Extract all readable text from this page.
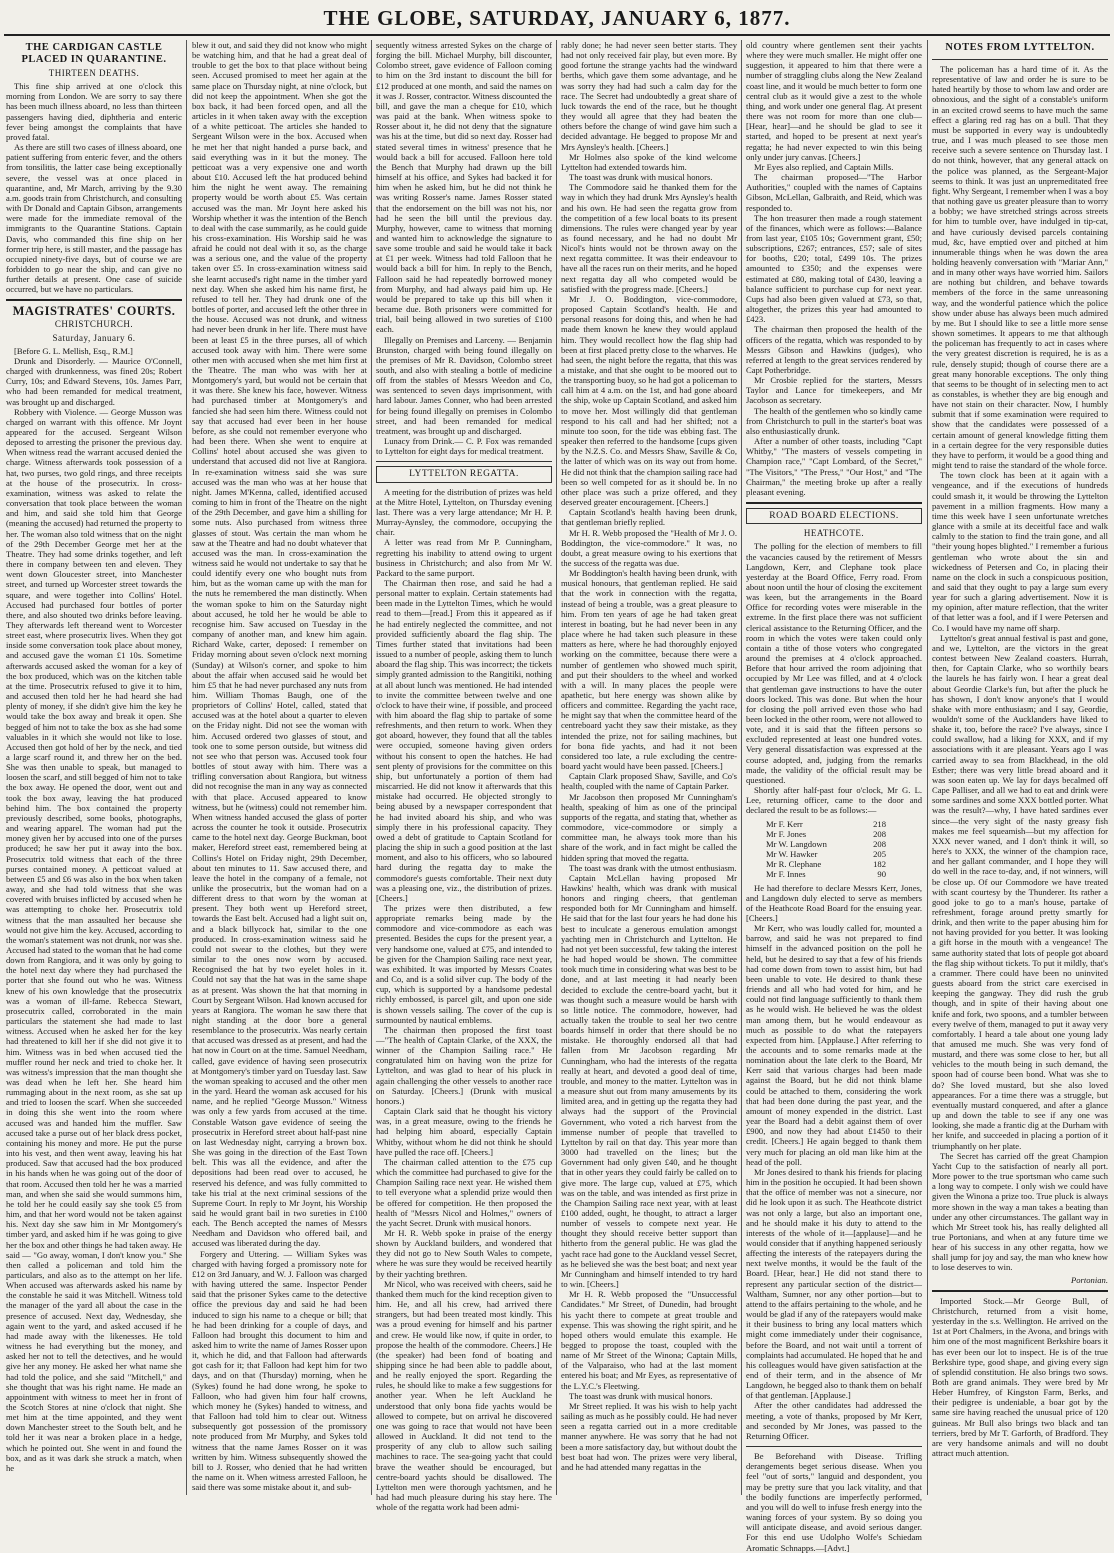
THE GLOBE, SATURDAY, JANUARY 6, 1877.
THE CARDIGAN CASTLE PLACED IN QUARANTINE.
THIRTEEN DEATHS.

This fine ship arrived at one o'clock this morning from London. We are sorry to say there has been much illness aboard, no less than thirteen passengers having died, diphtheria and enteric fever being amongst the complaints that have proved fatal.

As there are still two cases of illness aboard, one patient suffering from enteric fever, and the others from tonsilitis, the latter case being exceptionally severe, the vessel was at once placed in quarantine, and, Mr March, arriving by the 9.30 a.m. goods train from Christchurch, and consulting with Dr Donald and Captain Gibson, arrangements were made for the immediate removal of the immigrants to the Quarantine Stations. Captain Davis, who commanded this fine ship on her former trip here, is still master, and the passage has occupied ninety-five days, but of course we are forbidden to go near the ship, and can give no further details at present. One case of suicide occurred, but we have no particulars.

MAGISTRATES' COURTS.
CHRISTCHURCH.
Saturday, January 6.

[Before G. L. Mellish, Esq., R.M.]

Drunk and Disorderly. — Maurice O'Connell, charged with drunkenness, was fined 20s; Robert Curry, 10s; and Edward Stevens, 10s. James Parr, who had been remanded for medical treatment, was brought up and discharged.

Robbery with Violence. — George Musson was charged on warrant with this offence. Mr Joynt appeared for the accused. Sergeant Wilson deposed to arresting the prisoner the previous day. When witness read the warrant accused denied the charge. Witness afterwards took possession of a hat, two purses, two gold rings, and three receipts at the house of the prosecutrix. In cross-examination, witness was asked to relate the conversation that took place between the woman and him, and said she told him that George (meaning the accused) had returned the property to her. The woman also told witness that on the night of the 29th December George met her at the Theatre. They had some drinks together, and left there in company between ten and eleven. They went down Gloucester street, into Manchester street, and turned up Worcester street towards the square, and were together into Collins' Hotel. Accused had purchased four bottles of porter there, and also shouted two drinks before leaving. They afterwards left thereand went to Worcester street east, where prosecutrix lives. When they got inside some conversation took place about money, and accused gave the woman £1 10s. Sometime afterwards accused asked the woman for a key of the box produced, which was on the kitchen table at the time. Prosecutrix refused to give it to him, and accused then told her he had heard she had plenty of money, if she didn't give him the key he would take the box away and break it open. She begged of him not to take the box as she had some valuables in it which she would not like to lose. Accused then got hold of her by the neck, and tied a large scarf round it, and threw her on the bed. She was then unable to speak, but managed to loosen the scarf, and still begged of him not to take the box away. He opened the door, went out and took the box away, leaving the hat produced behind him. The box contained the property previously described, some books, photographs, and wearing apparel. The woman had put the money given her by accused into one of the purses produced; he saw her put it away into the box. Prosecutrix told witness that each of the three purses contained money. A petticoat valued at between £5 and £6 was also in the box when taken away, and she had told witness that she was covered with bruises inflicted by accused when he was attempting to choke her. Prosecutrix told witness that the man assaulted her because she would not give him the key. Accused, according to the woman's statement was not drunk, nor was she. Accused had stated to the woman that he had come down from Rangiora, and it was only by going to the hotel next day where they had purchased the porter that she found out who he was. Witness knew of his own knowledge that the prosecutrix was a woman of ill-fame. Rebecca Stewart, prosecutrix called, corroborated in the main particulars the statement she had made to last witness. Accused when he asked her for the key had threatened to kill her if she did not give it to him. Witness was in bed when accused tied the muffler round her neck and tried to choke her. It was witness's impression that the man thought she was dead when he left her. She heard him rummaging about in the next room, as she sat up and tried to loosen the scarf. When she succeeded in doing this she went into the room where accused was and handed him the muffler. Saw accused take a purse out of her black dress pocket, containing his money and more. He put the purse into his vest, and then went away, leaving his hat produced. Saw that accused had the box produced in his hands when he was going out of the door of that room. Accused then told her he was a married man, and when she said she would summons him, he told her he could easily say she took £5 from him, and that her word would not be taken against his. Next day she saw him in Mr Montgomery's timber yard, and asked him if he was going to give her the box and other things he had taken away. He said — "Go away, woman, I don't know you." She then called a policeman and told him the particulars, and also as to the attempt on her life. When accused was afterwards asked his name by the constable he said it was Mitchell. Witness told the manager of the yard all about the case in the presence of accused. Next day, Wednesday, she again went to the yard, and asked accused if he had made away with the likenesses. He told witness he had everything but the money, and asked her not to tell the detectives, and he would give her any money. He asked her what name she had told the police, and she said "Mitchell," and she thought that was his right name. He made an appointment with witness to meet her in front of the Scotch Stores at nine o'clock that night. She met him at the time appointed, and they went down Manchester street to the South belt, and he told her it was near a broken place in a hedge, which he pointed out. She went in and found the box, and as it was dark she struck a match, when he

blew it out, and said they did not know who might be watching him, and that he had a great deal of trouble to get the box to that place without being seen. Accused promised to meet her again at the same place on Thursday night, at nine o'clock, but did not keep the appointment. When she got the box back, it had been forced open, and all the articles in it when taken away with the exception of a white petticoat. The articles she handed to Sergeant Wilson were in the box. Accused when he met her that night handed a purse back, and said everything was in it but the money. The petticoat was a very expensive one and worth about £10. Accused left the hat produced behind him the night he went away. The remaining property would be worth about £5. Was certain accused was the man. Mr Joynt here asked his Worship whether it was the intention of the Bench to deal with the case summarily, as he could guide his cross-examination. His Worship said he was afraid he could not deal with it so, as the charge was a serious one, and the value of the property taken over £5. In cross-examination witness said she learnt accused's right name in the timber yard next day. When she asked him his name first, he refused to tell her. They had drunk one of the bottles of porter, and accused left the other three in the house. Accused was not drunk, and witness had never been drunk in her life. There must have been at least £5 in the three purses, all of which accused took away with him. There were some other men with accused when she met him first at the Theatre. The man who was with her at Montgomery's yard, but would not be certain that it was there. She knew his face, however. Witness had purchased timber at Montgomery's and fancied she had seen him there. Witness could not say that accused had ever been in her house before, as she could not remember everyone who had been there. When she went to enquire at Collins' hotel about accused she was given to understand that accused did not live at Rangiora. In re-examination witness said she was sure accused was the man who was at her house that night. James M'Kenna, called, identified accused coming to him in front of the Theatre on the night of the 29th December, and gave him a shilling for some nuts. Also purchased from witness three glasses of stout. Was certain the man whom he saw at the Theatre and had no doubt whatever that accused was the man. In cross-examination the witness said he would not undertake to say that he could identify every one who bought nuts from him, but as the woman came up with the man for the nuts he remembered the man distinctly. When the woman spoke to him on the Saturday night about accused, he told her he would be able to recognise him. Saw accused on Tuesday in the company of another man, and knew him again. Richard Wake, carter, deposed: I remember on Friday morning about seven o'clock next morning (Sunday) at Wilson's corner, and spoke to him about the affair when accused said he would bet him £5 that he had never purchased any nuts from him. William Thomas Baugh, one of the proprietors of Collins' Hotel, called, stated that accused was at the hotel about a quarter to eleven on the Friday night. Did not see the woman with him. Accused ordered two glasses of stout, and took one to some person outside, but witness did not see who that person was. Accused took four bottles of stout away with him. There was a trifling conversation about Rangiora, but witness did not recognise the man in any way as connected with that place. Accused appeared to know witness, but he (witness) could not remember him. When witness handed accused the glass of porter across the counter he took it outside. Prosecutrix came to the hotel next day. George Buckman, boot maker, Hereford street east, remembered being at Collins's Hotel on Friday night, 29th December, about ten minutes to 11. Saw accused there, and leave the hotel in the company of a female, not unlike the prosecutrix, but the woman had on a different dress to that worn by the woman at present. They both went up Hereford street, towards the East belt. Accused had a light suit on, and a black billycock hat, similar to the one produced. In cross-examination witness said he could not swear to the clothes, but they were similar to the ones now worn by accused. Recognised the hat by two eyelet holes in it. Could not say that the hat was in the same shape as at present. Was shown the hat that morning in Court by Sergeant Wilson. Had known accused for years at Rangiora. The woman he saw there that night standing at the door bore a general resemblance to the prosecutrix. Was nearly certain that accused was dressed as at present, and had the hat now in Court on at the time. Samuel Needham, called, gave evidence of having seen prosecutrix at Montgomery's timber yard on Tuesday last. Saw the woman speaking to accused and the other men in the yard. Heard the woman ask accused for his name, and he replied "George Musson." Witness was only a few yards from accused at the time. Constable Watson gave evidence of seeing the prosecutrix in Hereford street about half-past nine on last Wednesday night, carrying a brown box. She was going in the direction of the East Town belt. This was all the evidence, and after the depositions had been read over to accused, he reserved his defence, and was fully committed to take his trial at the next criminal sessions of the Supreme Court. In reply to Mr Joynt, his Worship said he would grant bail in two sureties in £100 each. The Bench accepted the names of Messrs Needham and Davidson who offered bail, and accused was liberated during the day.

Forgery and Uttering. — William Sykes was charged with having forged a promissory note for £12 on 3rd January, and W. J. Falloon was charged with having uttered the same. Inspector Pender said that the prisoner Sykes came to the detective office the previous day and said he had been induced to sign his name to a cheque or bill; that he had been drinking for a couple of days, and Falloon had brought this document to him and asked him to write the name of James Rosser upon it, which he did, and that Falloon had afterwards got cash for it; that Falloon had kept him for two days, and on that (Thursday) morning, when he (Sykes) found he had done wrong, he spoke to Falloon, who had given him four half crowns, which money he (Sykes) handed to witness, and that Falloon had told him to clear out. Witness subsequently got possession of the promissory note produced from Mr Murphy, and Sykes told witness that the name James Rosser on it was written by him. Witness subsequently showed the bill to J. Rosser, who denied that he had written the name on it. When witness arrested Falloon, he said there was some mistake about it, and sub-

sequently witness arrested Sykes on the charge of forging the bill. Michael Murphy, bill discounter, Colombo street, gave evidence of Falloon coming to him on the 3rd instant to discount the bill for £12 produced at one month, and said the names on it was J. Rosser, contractor. Witness discounted the bill, and gave the man a cheque for £10, which was paid at the bank. When witness spoke to Rosser about it, he did not deny that the signature was his at the time, but did so next day. Rosser had stated several times in witness' presence that he would back a bill for accused. Falloon here told the Bench that Murphy had drawn up the bill himself at his office, and Sykes had backed it for him when he asked him, but he did not think he was writing Rosser's name. James Rosser stated that the endorsement on the bill was not his, nor had he seen the bill until the previous day. Murphy, however, came to witness that morning and wanted him to acknowledge the signature to save some trouble and said he would take it back at £1 per week. Witness had told Falloon that he would back a bill for him. In reply to the Bench, Falloon said he had repeatedly borrowed money from Murphy, and had always paid him up. He would be prepared to take up this bill when it became due. Both prisoners were committed for trial, bail being allowed in two sureties of £100 each.

Illegally on Premises and Larceny. — Benjamin Brunston, charged with being found illegally on the premises of Mr R. Davidson, Colombo street south, and also with stealing a bottle of medicine off from the stables of Messrs Weedon and Co, was sentenced to seven days imprisonment, with hard labour. James Conner, who had been arrested for being found illegally on premises in Colombo street, and had been remanded for medical treatment, was brought up and discharged.

Lunacy from Drink.— C. P. Fox was remanded to Lyttelton for eight days for medical treatment.

LYTTELTON REGATTA.

A meeting for the distribution of prizes was held at the Mitre Hotel, Lyttelton, on Thursday evening last. There was a very large attendance; Mr H. P. Murray-Aynsley, the commodore, occupying the chair.

A letter was read from Mr P. Cunningham, regretting his inability to attend owing to urgent business in Christchurch; and also from Mr W. Packard to the same purport.

The Chairman then rose, and said he had a personal matter to explain. Certain statements had been made in the Lyttelton Times, which he would read to them—[read.] From this it appeared as if he had entirely neglected the committee, and not provided sufficiently aboard the flag ship. The Times further stated that invitations had been issued to a number of people, asking them to lunch aboard the flag ship. This was incorrect; the tickets simply granted admission to the Rangitiki, nothing at all about lunch was mentioned. He had intended to invite the committee between twelve and one o'clock to have their wine, if possible, and proceed with him aboard the flag ship to partake of some refreshments, and then return to work. When they got aboard, however, they found that all the tables were occupied, someone having given orders without his consent to open the hatches. He had sent plenty of provisions for the committee on this ship, but unfortunately a portion of them had miscarried. He did not know it afterwards that this mistake had occurred. He objected strongly to being abused by a newspaper correspondent that he had invited aboard his ship, and who was simply there in his professional capacity. They owed a debt of gratitude to Captain Scotland for placing the ship in such a good position at the last moment, and also to his officers, who so laboured hard during the regatta day to make the commodore's guests comfortable. Their next duty was a pleasing one, viz., the distribution of prizes. [Cheers.]

The prizes were then distributed, a few appropriate remarks being made by the commodore and vice-commodore as each was presented. Besides the cups for the present year, a very handsome one, valued at £75, and intended to be given for the Champion Sailing race next year, was exhibited. It was imported by Messrs Coates and Co, and is a solid silver cup. The body of the cup, which is supported by a handsome pedestal richly embossed, is parcel gilt, and upon one side is shown vessels sailing. The cover of the cup is surmounted by nautical emblems.

The chairman then proposed the first toast—"The health of Captain Clarke, of the XXX, the winner of the Champion Sailing race." He congratulated him on having won the prize for Lyttelton, and was glad to hear of his pluck in again challenging the other vessels to another race on Saturday. [Cheers.] (Drunk with musical honors.)

Captain Clark said that he thought his victory was, in a great measure, owing to the friends he had helping him aboard, especially Captain Whitby, without whom he did not think he should have pulled the race off. [Cheers.]

The chairman called attention to the £75 cup which the committee had purchased to give for the Champion Sailing race next year. He wished them to tell everyone what a splendid prize would then be offered for competition. He then proposed the health of "Messrs Nicol and Holmes," owners of the yacht Secret. Drunk with musical honors.

Mr H. R. Webb spoke in praise of the energy shown by Auckland builders, and wondered that they did not go to New South Wales to compete, where he was sure they would be received heartily by their yachting brethren.

Mr Nicol, who was received with cheers, said he thanked them much for the kind reception given to him. He, and all his crew, had arrived there strangers, but had been treated most kindly. This was a proud evening for himself and his partner and crew. He would like now, if quite in order, to propose the health of the commodore. Cheers.] He (the speaker) had been fond of boating and shipping since he had been able to paddle about, and he really enjoyed the sport. Regarding the rules, he should like to make a few suggestions for another year. When he left Auckland he understood that only bona fide yachts would be allowed to compete, but on arrival he discovered one was going to race that would not have been allowed in Auckland. It did not tend to the prosperity of any club to allow such sailing machines to race. The sea-going yacht that could brave the weather should be encouraged, but centre-board yachts should be disallowed. The Lyttelton men were thorough yachtsmen, and he had had much pleasure during his stay here. The whole of the regatta work had been admi-

rably done; he had never seen better starts. They had not only received fair play, but even more. By good fortune the strange yachts had the windward berths, which gave them some advantage, and he was sorry they had had such a calm day for the race. The Secret had undoubtedly a great share of luck towards the end of the race, but he thought they would all agree that they had beaten the others before the change of wind gave him such a decided advantage. He begged to propose Mr and Mrs Aynsley's health. [Cheers.]

Mr Holmes also spoke of the kind welcome Lyttelton had extended towards him.

The toast was drunk with musical honors.

The Commodore said he thanked them for the way in which they had drunk Mrs Aynsley's health and his own. He had seen the regatta grow from the competition of a few local boats to its present dimensions. The rules were changed year by year as found necessary, and he had no doubt Mr Nicol's hints would not be thrown away on the next regatta committee. It was their endeavour to have all the races run on their merits, and he hoped next regatta day all who competed would be satisfied with the progress made. [Cheers.]

Mr J. O. Boddington, vice-commodore, proposed Captain Scotland's health. He and personal reasons for doing this, and when he had made them known he knew they would applaud him. They would recollect how the flag ship had been at first placed pretty close to the wharves. He had seen, the night before the regatta, that this was a mistake, and that she ought to be moored out to the transporting buoy, so he had got a policeman to call him at 4 a.m. on the 1st, and had gone aboard the ship, woke up Captain Scotland, and asked him to move her. Most willingly did that gentleman respond to his call and had her shifted; not a minute too soon, for the tide was ebbing fast. The speaker then referred to the handsome [cups given by the N.Z.S. Co. and Messrs Shaw, Saville & Co, the latter of which was on its way out from home. He did not think that the champion sailing race had been so well competed for as it should be. In no other place was such a prize offered, and they deserved greater encouragement. [Cheers.]

Captain Scotland's health having been drunk, that gentleman briefly replied.

Mr H. R. Webb proposed the "Health of Mr J. O. Boddington, the vice-commodore." It was, no doubt, a great measure owing to his exertions that the success of the regatta was due.

Mr Boddington's health having been drunk, with musical honours, that gentleman replied. He said that the work in connection with the regatta, instead of being a trouble, was a great pleasure to him. From ten years of age he had taken great interest in boating, but he had never been in any place where he had taken such pleasure in these matters as here, where he had thoroughly enjoyed working on the committee, because there were a number of gentlemen who showed much spirit, and put their shoulders to the wheel and worked with a will. In many places the people were apathetic, but here energy was shown alike by officers and committee. Regarding the yacht race, he might say that when the committee heard of the centreboard yacht they saw their mistake, as they intended the prize, not for sailing machines, but for bona fide yachts, and had it not been considered too late, a rule excluding the centre-board yacht would have been passed. [Cheers.]

Captain Clark proposed Shaw, Saville, and Co's health, coupled with the name of Captain Parker.

Mr Jacobson then proposed Mr Cunningham's health, speaking of him as one of the principal supports of the regatta, and stating that, whether as commodore, vice-commodore or simply a committee man, he always took more than his share of the work, and in fact might be called the hidden spring that moved the regatta.

The toast was drank with the utmost enthusiasm.

Captain McLellan having proposed Mr Hawkins' health, which was drank with musical honors and ringing cheers, that gentleman responded both for Mr Cunningham and himself. He said that for the last four years he had done his best to inculcate a generous emulation amongst yachting men in Christchurch and Lyttelton. He had not yet been successful, few taking the interest he had hoped would be shown. The committee took much time in considering what was best to be done, and at last meeting it had nearly been decided to exclude the centre-board yacht, but it was thought such a measure would be harsh with so little notice. The commodore, however, had actually taken the trouble to seal her two centre boards himself in order that there should be no mistake. He thoroughly endorsed all that had fallen from Mr Jacobson regarding Mr Cunningham, who had the interests of the regatta really at heart, and devoted a good deal of time, trouble, and money to the matter. Lyttelton was in a measure shut out from many amusements by its limited area, and in getting up the regatta they had always had the support of the Provincial Government, who voted a rich harvest from the immense number of people that travelled to Lyttelton by rail on that day. This year more than 3000 had travelled on the lines; but the Government had only given £40, and he thought that in other years they could fairly be called on to give more. The large cup, valued at £75, which was on the table, and was intended as first prize in the Champion Sailing race next year, with at least £100 added, ought, he thought, to attract a larger number of vessels to compete next year. He thought they should receive better support than hitherto from the general public. He was glad the yacht race had gone to the Auckland vessel Secret, as he believed she was the best boat; and next year Mr Cunningham and himself intended to try hard to win. [Cheers.]

Mr H. R. Webb proposed the "Unsuccessful Candidates." Mr Street, of Dunedin, had brought his yacht there to compete at great trouble and expense. This was showing the right spirit, and he hoped others would emulate this example. He begged to propose the toast, coupled with the name of Mr Street of the Winona; Captain Mills, of the Valparaiso, who had at the last moment entered his boat; and Mr Eyes, as representative of the L.Y.C.'s Fleetwing.

The toast was drunk with musical honors.

Mr Street replied. It was his wish to help yacht sailing as much as he possibly could. He had never seen a regatta carried out in a more creditable manner anywhere. He was sorry that he had not been a more satisfactory day, but without doubt the best boat had won. The prizes were very liberal, and he had attended many regattas in the

old country where gentlemen sent their yachts where they were much smaller. He might offer one suggestion, it appeared to him that there were a number of straggling clubs along the New Zealand coast line, and it would be much better to form one central club as it would give a zest to the whole thing, and work under one general flag. At present there was not room for more than one club—[Hear, hear]—and he should be glad to see it started, and hoped to be present at next year's regatta; he had never expected to win this being only under jury canvas. [Cheers.]

Mr Eyes also replied, and Captain Mills.

The chairman proposed—"The Harbor Authorities," coupled with the names of Captains Gibson, McLellan, Galbraith, and Reid, which was responded to.

The hon treasurer then made a rough statement of the finances, which were as follows:—Balance from last year, £105 10s; Government grant, £50; subscriptions, £267; entrances, £57; sale of sites for booths, £20; total, £499 10s. The prizes amounted to £350; and the expenses were estimated at £80, making total of £430, leaving a balance sufficient to purchase cup for next year. Cups had also been given valued at £73, so that, altogether, the prizes this year had amounted to £423.

The chairman then proposed the health of the officers of the regatta, which was responded to by Messrs Gibson and Hawkins (judges), who referred at length to the great services rendered by Capt Potherbridge.

Mr Crosbie replied for the starters, Messrs Taylor and Lance for timekeepers, and Mr Jacobson as secretary.

The health of the gentlemen who so kindly came from Christchurch to pull in the starter's boat was also enthusiastically drunk.

After a number of other toasts, including "Capt Whitby," "The masters of vessels competing in Champion race," "Capt Lombard, of the Secret," "The Visitors," "The Press," "Our Host," and "The Chairman," the meeting broke up after a really pleasant evening.

ROAD BOARD ELECTIONS.
HEATHCOTE.

The polling for the election of members to fill the vacancies caused by the retirement of Messrs Langdown, Kerr, and Clephane took place yesterday at the Board Office, Ferry road. From about noon until the hour of closing the excitement was keen, but the arrangements in the Board Office for recording votes were miserable in the extreme. In the first place there was not sufficient clerical assistance to the Returning Officer, and the room in which the votes were taken could only contain a tithe of those voters who congregated around the premises at 4 o'clock approached. Before that hour arrived the room adjoining that occupied by Mr Lee was filled, and at 4 o'clock that gentleman gave instructions to have the outer doors locked. This was done. But when the hour for closing the poll arrived even those who had been locked in the other room, were not allowed to vote, and it is said that the fifteen persons so excluded represented at least one hundred votes. Very general dissatisfaction was expressed at the course adopted, and, judging from the remarks made, the validity of the official result may be questioned.

Shortly after half-past four o'clock, Mr G. L. Lee, returning officer, came to the door and declared the result to be as follows:—

Mr F. Kerr	218
Mr F. Jones	208
Mr W. Langdown	208
Mr W. Hawker	205
Mr R. Clephane	182
Mr F. Innes	90

He had therefore to declare Messrs Kerr, Jones, and Langdown duly elected to serve as members of the Heathcote Road Board for the ensuing year. [Cheers.]

Mr Kerr, who was loudly called for, mounted a barrow, and said he was not prepared to find himself in the advanced position on the poll he held, but he desired to say that a few of his friends had come down from town to assist him, but had been unable to vote. He desired to thank these friends and all who had voted for him, and he could not find language sufficiently to thank them as he would wish. He believed he was the oldest man among them, but he would endeavour as much as possible to do what the ratepayers expected from him. [Applause.] After referring to the accounts and to some remarks made at the nomination about the late clerk to the Board, Mr Kerr said that various charges had been made against the Board, but he did not think blame could be attached to them, considering the work that had been done during the past year, and the amount of money expended in the district. Last year the Board had a debit against them of over £900, and now they had about £1450 to their credit. [Cheers.] He again begged to thank them very much for placing an old man like him at the head of the poll.

Mr Jones desired to thank his friends for placing him in the position he occupied. It had been shown that the office of member was not a sinecure, nor did he look upon it as such. The Heathcote district was not only a large, but also an important one, and he should make it his duty to attend to the interests of the whole of it—[applause]—and he would consider that if anything happened seriously affecting the interests of the ratepayers during the next twelve months, it would be the fault of the Board. [Hear, hear.] He did not stand there to represent any particular section of the district—Waltham, Sumner, nor any other portion—but to attend to the affairs pertaining to the whole, and he would be glad if any of the ratepayers would make it their business to bring any local matters which might come immediately under their cognisance, before the Board, and not wait until a torrent of complaints had accumulated. He hoped that he and his colleagues would have given satisfaction at the end of their term, and in the absence of Mr Langdown, he begged also to thank them on behalf of that gentleman. [Applause.]

After the other candidates had addressed the meeting, a vote of thanks, proposed by Mr Kerr, and seconded by Mr Jones, was passed to the Returning Officer.

Be Beforehand with Disease. Trifling derangements beget serious disease. When you feel "out of sorts," languid and despondent, you may be pretty sure that you lack vitality, and that the bodily functions are imperfectly performed, and you will do well to infuse fresh energy into the waning forces of your system. By so doing you will anticipate disease, and avoid serious danger. For this end use Udolpho Wolfe's Schiedam Aromatic Schnapps.—[Advt.]

NOTES FROM LYTTELTON.

The policeman has a hard time of it. As the representative of law and order he is sure to be hated heartily by those to whom law and order are obnoxious, and the sight of a constable's uniform in an excited crowd seems to have much the same effect a glaring red rag has on a bull. That they must be supported in every way is undoubtedly true, and I was much pleased to see those men receive such a severe sentence on Thursday last. I do not think, however, that any general attack on the police was planned, as the Sergeant-Major seems to think. It was just an unpremeditated free fight. Why Sergeant, I remember when I was a boy that nothing gave us greater pleasure than to worry a bobby; we have stretched strings across streets for him to tumble over, have indulged in tip-cat, and have curiously devised parcels containing mud, &c, have emptied over and pitched at him innumerable things when he was down the area holding heavenly conversation with "Mariar Ann," and in many other ways have worried him. Sailors are nothing but children, and behave towards members of the force in the same unreasoning way, and the wonderful patience which the police show under abuse has always been much admired by me. But I should like to see a little more sense shown sometimes. It appears to me that although the policeman has frequently to act in cases where the very greatest discretion is required, he is as a rule, densely stupid; though of course there are a great many honorable exceptions. The only thing that seems to be thought of in selecting men to act as constables, is whether they are big enough and have not stain on their character. Now, I humbly submit that if some examination were required to show that the candidates were possessed of a certain amount of general knowledge fitting them in a certain degree for the very responsible duties they have to perform, it would be a good thing and might tend to raise the standard of the whole force.

The town clock has been at it again with a vengeance, and if the executions of hundreds could smash it, it would be throwing the Lyttelton pavement in a million fragments. How many a time this week have I seen unfortunate wretches glance with a smile at its deceitful face and walk calmly to the station to find the train gone, and all "their young hopes blighted." I remember a furious gentleman who wrote about the sin and wickedness of Petersen and Co, in placing their name on the clock in such a conspicuous position, and said that they ought to pay a large sum every year for such a glaring advertisement. Now it is my opinion, after mature reflection, that the writer of that letter was a fool, and if I were Petersen and Co. I would have my name off sharp.

Lyttelton's great annual festival is past and gone, and we, Lyttelton, are the victors in the great contest between New Zealand coasters. Hurrah, then, for Captain Clarke, who so worthily bears the laurels he has fairly won. I hear a great deal about Geordie Clarke's fun, but after the pluck he has shown, I don't know anyone's that I would shake with more enthusiasm; and I say, Geordie, wouldn't some of the Aucklanders have liked to shake it, too, before the race? I've always, since I could swallow, had a liking for XXX, and if my associations with it are pleasant. Years ago I was carried away to sea from Blackhead, in the old Esther; there was very little bread aboard and it was soon eaten up. We lay for days becalmed off Cape Palliser, and all we had to eat and drink were some sardines and some XXX bottled porter. What was the result?—why, I have hated sardines ever since—the very sight of the nasty greasy fish makes me feel squeamish—but my affection for XXX never waned, and I don't think it will, so here's to XXX, the winner of the champion race, and her gallant commander, and I hope they will do well in the race to-day, and, if not winners, will be close up. Of our Commodore we have treated with scant courtesy by the Thunderer. Its rather a good joke to go to a man's house, partake of refreshment, forage around pretty smartly for drink, and then write to the paper abusing him for not having provided for you better. It was looking a gift horse in the mouth with a vengeance! The same authority stated that lots of people got aboard the flag ship without tickets. To put it mildly, that's a crammer. There could have been no uninvited guests aboard from the strict care exercised in keeping the gangway. They did rush the grub though, and in spite of their having about one knife and fork, two spoons, and a tumbler between every twelve of them, managed to put it away very comfortably. I heard a tale about one young lady that amused me much. She was very fond of mustard, and there was some close to her, but all vehicles to the mouth being in such demand, the spoon had of course been bond. What was she to do? She loved mustard, but she also loved appearances. For a time there was a struggle, but eventually mustard conquered, and after a glance up and down the table to see if any one was looking, she made a frantic dig at the Durham with her knife, and succeeded in placing a portion of it triumphantly on her plate.

The Secret has carried off the great Champion Yacht Cup to the satisfaction of nearly all port. More power to the true sportsman who came such a long way to compete. I only wish we could have given the Winona a prize too. True pluck is always more shown in the way a man takes a beating than under any other circumstances. The gallant way in which Mr Street took his, has really delighted all true Portonians, and when at any future time we hear of his success in any other regatta, how we shall jump for joy and say, the man who knew how to lose deserves to win.

Portonian.

Imported Stock.—Mr George Bull, of Christchurch, returned from a visit home, yesterday in the s.s. Wellington. He arrived on the 1st at Port Chalmers, in the Avona, and brings with him one of the most magnificent Berkshire boars it has ever been our lot to inspect. He is of the true Berkshire type, good shape, and giving every sign of splendid constitution. He also brings two sows. Both are grand animals. They were bred by Mr Heber Humfrey, of Kingston Farm, Berks, and their pedigree is undeniable, a boar got by the same sire having reached the unusual price of 120 guineas. Mr Bull also brings two black and tan terriers, bred by Mr T. Garforth, of Bradford. They are very handsome animals and will no doubt attract much attention.
